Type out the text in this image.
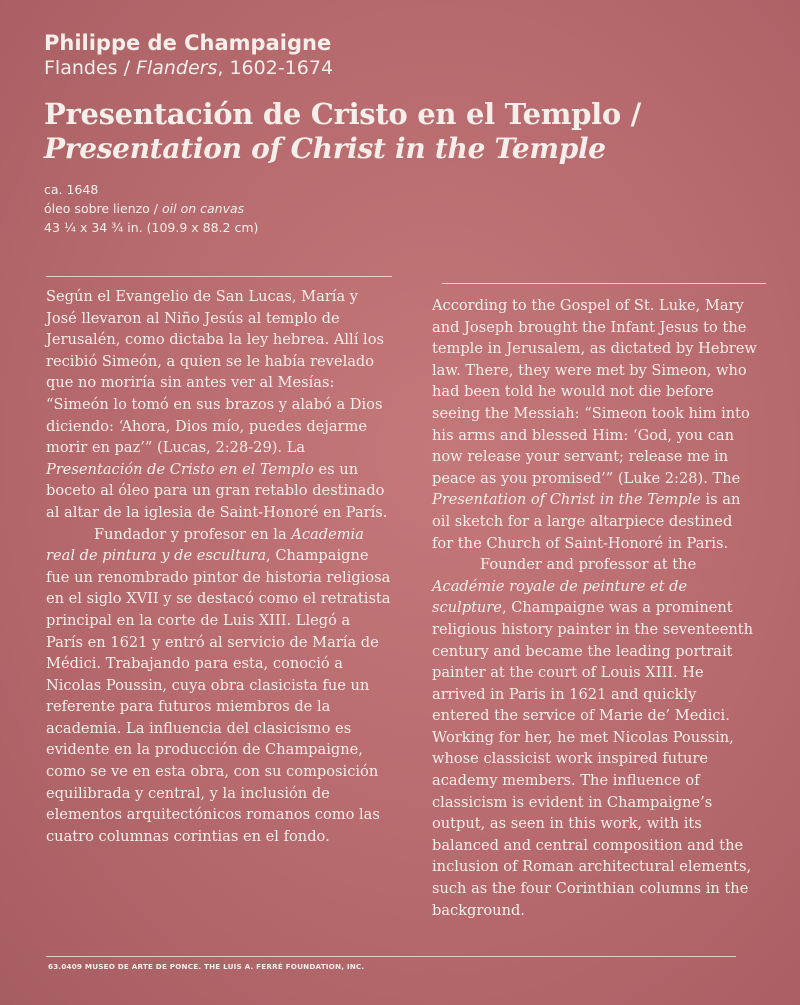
Philippe de Champaigne
Flandes / Flanders, 1602-1674
Presentación de Cristo en el Templo /
Presentation of Christ in the Temple
ca. 1648
óleo sobre lienzo / oil on canvas
43 ¼ x 34 ¾ in. (109.9 x 88.2 cm)

Según el Evangelio de San Lucas, María y José llevaron al Niño Jesús al templo de Jerusalén, como dictaba la ley hebrea. Allí los recibió Simeón, a quien se le había revelado que no moriría sin antes ver al Mesías: “Simeón lo tomó en sus brazos y alabó a Dios diciendo: ‘Ahora, Dios mío, puedes dejarme morir en paz’” (Lucas, 2:28-29). La Presentación de Cristo en el Templo es un boceto al óleo para un gran retablo destinado al altar de la iglesia de Saint-Honoré en París.

Fundador y profesor en la Academia real de pintura y de escultura, Champaigne fue un renombrado pintor de historia religiosa en el siglo XVII y se destacó como el retratista principal en la corte de Luis XIII. Llegó a París en 1621 y entró al servicio de María de Médici. Trabajando para esta, conoció a Nicolas Poussin, cuya obra clasicista fue un referente para futuros miembros de la academia. La influencia del clasicismo es evidente en la producción de Champaigne, como se ve en esta obra, con su composición equilibrada y central, y la inclusión de elementos arquitectónicos romanos como las cuatro columnas corintias en el fondo.

According to the Gospel of St. Luke, Mary and Joseph brought the Infant Jesus to the temple in Jerusalem, as dictated by Hebrew law. There, they were met by Simeon, who had been told he would not die before seeing the Messiah: “Simeon took him into his arms and blessed Him: ‘God, you can now release your servant; release me in peace as you promised’” (Luke 2:28). The Presentation of Christ in the Temple is an oil sketch for a large altarpiece destined for the Church of Saint-Honoré in Paris.

Founder and professor at the Académie royale de peinture et de sculpture, Champaigne was a prominent religious history painter in the seventeenth century and became the leading portrait painter at the court of Louis XIII. He arrived in Paris in 1621 and quickly entered the service of Marie de’ Medici. Working for her, he met Nicolas Poussin, whose classicist work inspired future academy members. The influence of classicism is evident in Champaigne’s output, as seen in this work, with its balanced and central composition and the inclusion of Roman architectural elements, such as the four Corinthian columns in the background.

63.0409 MUSEO DE ARTE DE PONCE. THE LUIS A. FERRÉ FOUNDATION, INC.
